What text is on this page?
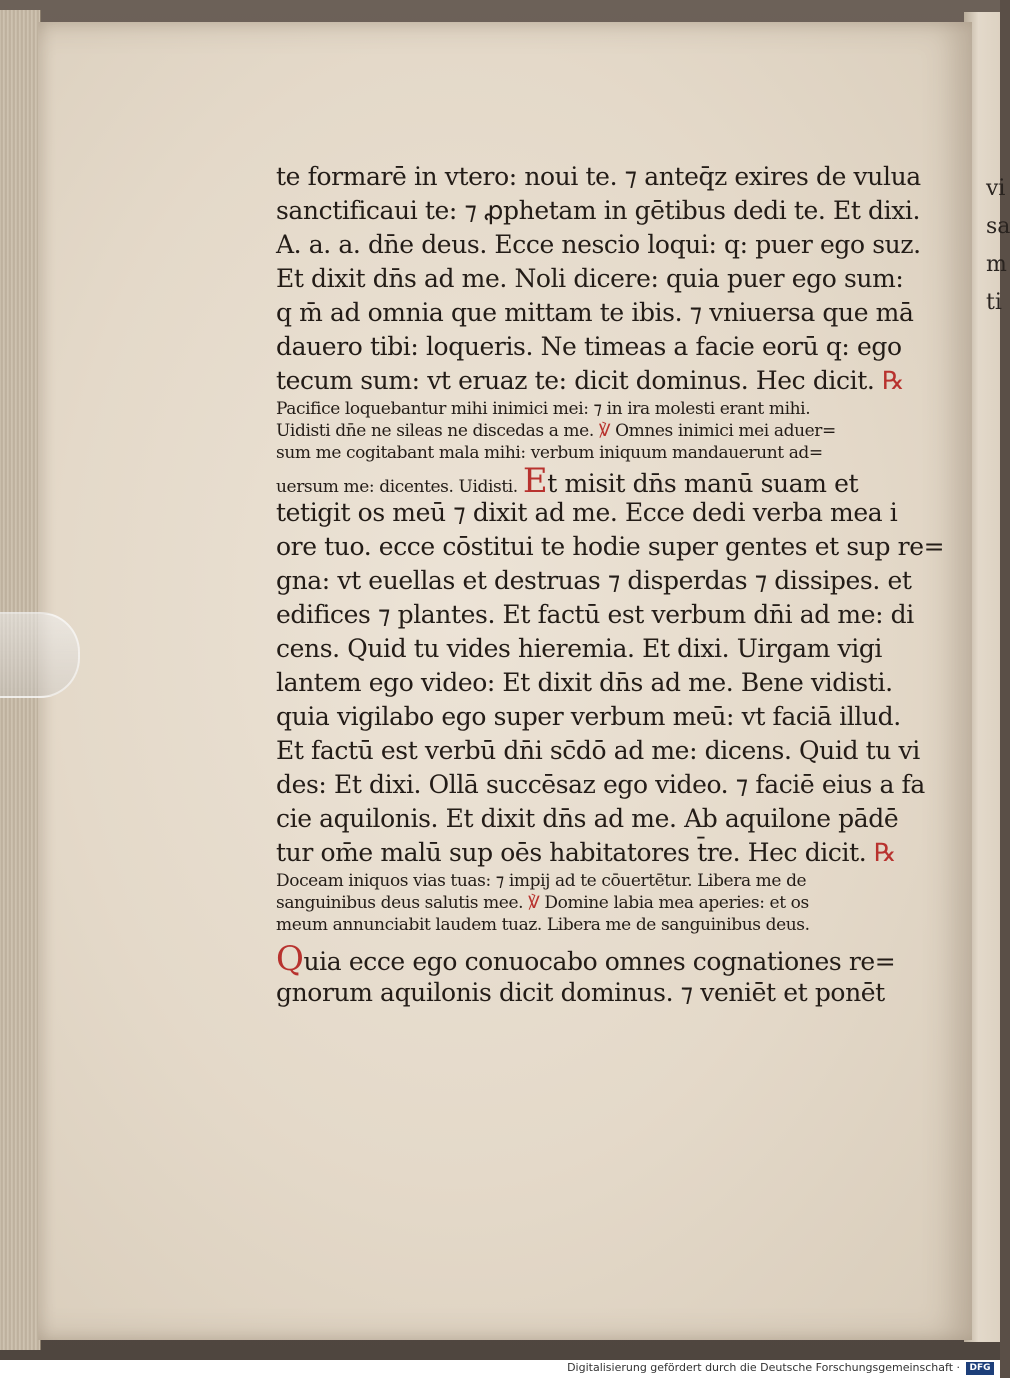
vi
sa
m
ti
te formarē in vtero: noui te. ⁊ anteq̄z exires de vulua
sanctificaui te: ⁊ ꝓphetam in gētibus dedi te. Et dixi.
A. a. a. dn̄e deus. Ecce nescio loqui: q: puer ego suz.
Et dixit dn̄s ad me. Noli dicere: quia puer ego sum:
q m̄ ad omnia que mittam te ibis. ⁊ vniuersa que mā
dauero tibi: loqueris. Ne timeas a facie eorū q: ego
tecum sum: vt eruaz te: dicit dominus. Hec dicit. ℞
Pacifice loquebantur mihi inimici mei: ⁊ in ira molesti erant mihi.
Uidisti dn̄e ne sileas ne discedas a me. ℣ Omnes inimici mei aduer=
sum me cogitabant mala mihi: verbum iniquum mandauerunt ad=
uersum me: dicentes. Uidisti. Et misit dn̄s manū suam et
tetigit os meū ⁊ dixit ad me. Ecce dedi verba mea i
ore tuo. ecce cōstitui te hodie super gentes et sup re=
gna: vt euellas et destruas ⁊ disperdas ⁊ dissipes. et
edifices ⁊ plantes. Et factū est verbum dn̄i ad me: di
cens. Quid tu vides hieremia. Et dixi. Uirgam vigi
lantem ego video: Et dixit dn̄s ad me. Bene vidisti.
quia vigilabo ego super verbum meū: vt faciā illud.
Et factū est verbū dn̄i sc̄dō ad me: dicens. Quid tu vi
des: Et dixi. Ollā succēsaz ego video. ⁊ faciē eius a fa
cie aquilonis. Et dixit dn̄s ad me. Ab aquilone pādē
tur om̄e malū sup oēs habitatores t̄re. Hec dicit. ℞
Doceam iniquos vias tuas: ⁊ impij ad te cōuertētur. Libera me de
sanguinibus deus salutis mee. ℣ Domine labia mea aperies: et os
meum annunciabit laudem tuaz. Libera me de sanguinibus deus.
Quia ecce ego conuocabo omnes cognationes re=
gnorum aquilonis dicit dominus. ⁊ veniēt et ponēt
Digitalisierung gefördert durch die Deutsche Forschungsgemeinschaft ·	DFG
